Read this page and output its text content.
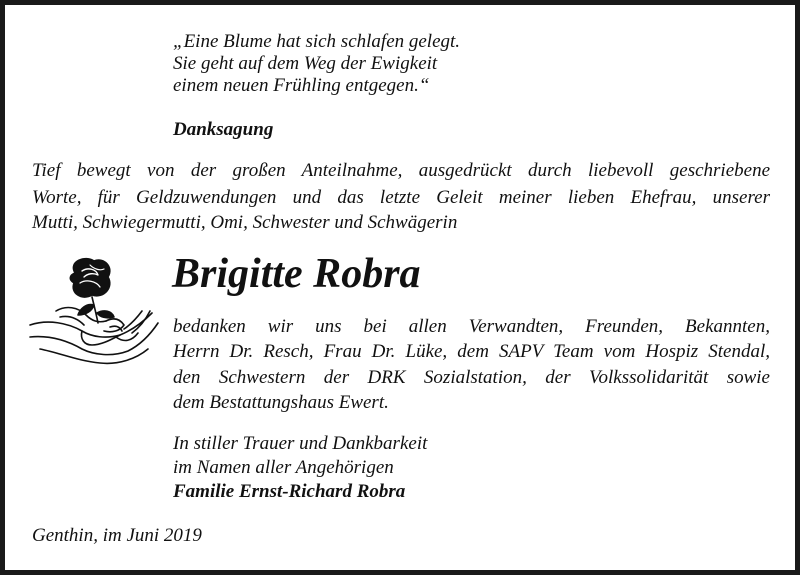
„Eine Blume hat sich schlafen gelegt.
Sie geht auf dem Weg der Ewigkeit
einem neuen Frühling entgegen.“
Danksagung
Tief bewegt von der großen Anteilnahme, ausgedrückt durch liebevoll geschriebene
Worte, für Geldzuwendungen und das letzte Geleit meiner lieben Ehefrau, unserer
Mutti, Schwiegermutti, Omi, Schwester und Schwägerin
Brigitte Robra
bedanken wir uns bei allen Verwandten, Freunden, Bekannten,
Herrn Dr. Resch, Frau Dr. Lüke, dem SAPV Team vom Hospiz Stendal,
den Schwestern der DRK Sozialstation, der Volkssolidarität sowie
dem Bestattungshaus Ewert.
In stiller Trauer und Dankbarkeit
im Namen aller Angehörigen
Familie Ernst-Richard Robra
Genthin, im Juni 2019
